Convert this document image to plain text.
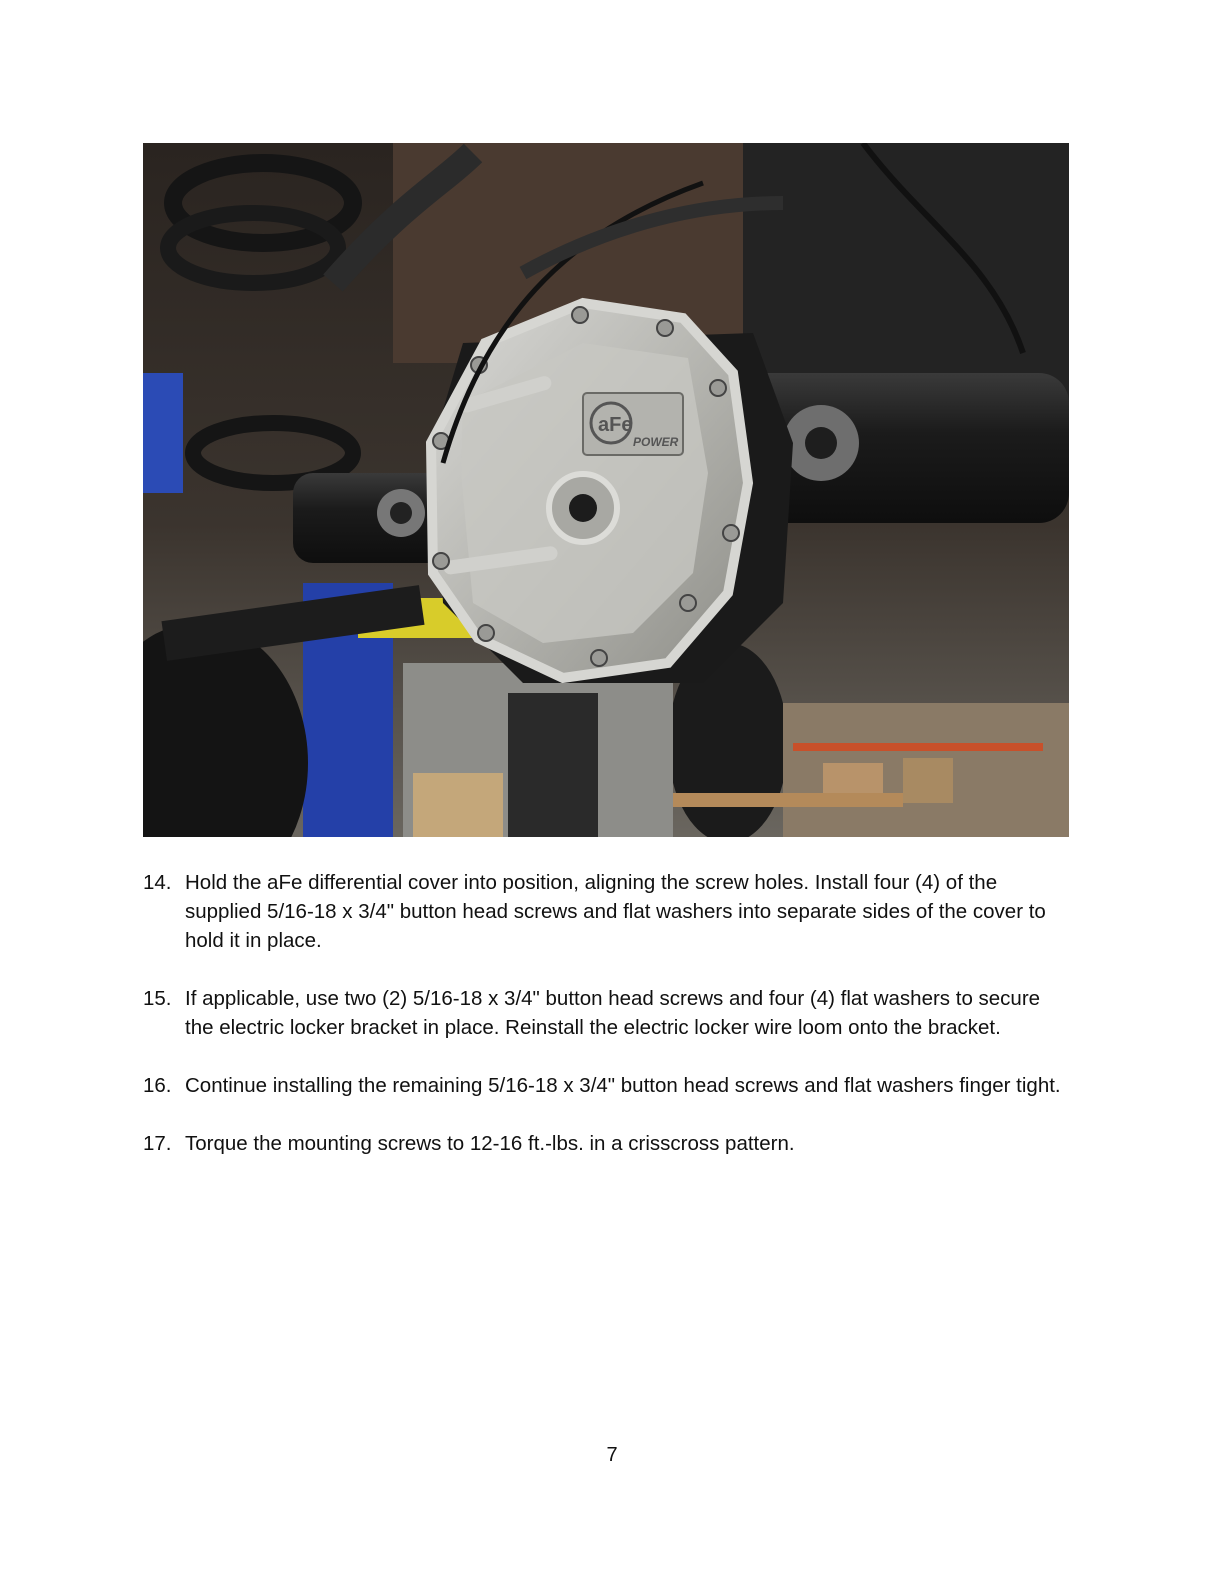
aFe
POWER
14. Hold the aFe differential cover into position, aligning the screw holes. Install four (4) of the supplied 5/16-18 x 3/4" button head screws and flat washers into separate sides of the cover to hold it in place.
15. If applicable, use two (2) 5/16-18 x 3/4" button head screws and four (4) flat washers to secure the electric locker bracket in place. Reinstall the electric locker wire loom onto the bracket.
16. Continue installing the remaining 5/16-18 x 3/4" button head screws and flat washers finger tight.
17. Torque the mounting screws to 12-16 ft.-lbs. in a crisscross pattern.
7
